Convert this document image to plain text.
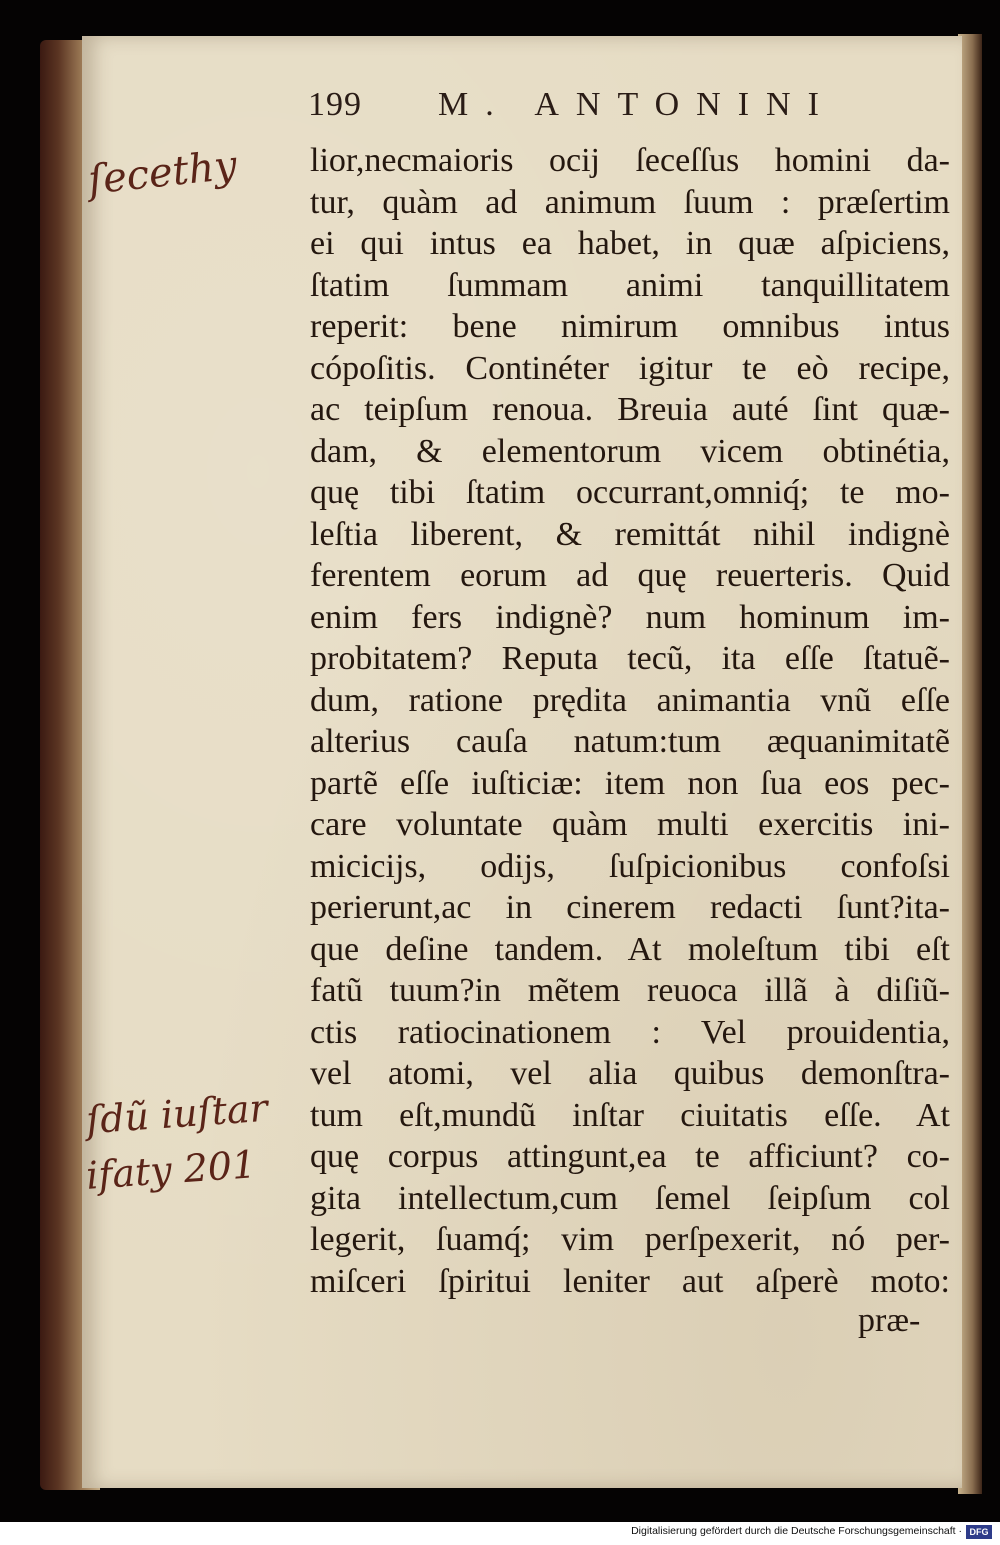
ſecethy
ſdũ iuſtar
ifaty 201
199 M. ANTONINI
lior,necmaioris ocij ſeceſſus homini da-
tur, quàm ad animum ſuum : præſertim
ei qui intus ea habet, in quæ aſpiciens,
ſtatim ſummam animi tanquillitatem
reperit: bene nimirum omnibus intus
cópoſitis. Continéter igitur te eò recipe,
ac teipſum renoua. Breuia auté ſint quæ-
dam, & elementorum vicem obtinétia,
quę tibi ſtatim occurrant,omniq́; te mo-
leſtia liberent, & remittát nihil indignè
ferentem eorum ad quę reuerteris. Quid
enim fers indignè? num hominum im-
probitatem? Reputa tecũ, ita eſſe ſtatuẽ-
dum, ratione prędita animantia vnũ eſſe
alterius cauſa natum:tum æquanimitatẽ
partẽ eſſe iuſticiæ: item non ſua eos pec-
care voluntate quàm multi exercitis ini-
micicijs, odijs, ſuſpicionibus confoſsi
perierunt,ac in cinerem redacti ſunt?ita-
que deſine tandem. At moleſtum tibi eſt
fatũ tuum?in mẽtem reuoca illã à diſiũ-
ctis ratiocinationem : Vel prouidentia,
vel atomi, vel alia quibus demonſtra-
tum eſt,mundũ inſtar ciuitatis eſſe. At
quę corpus attingunt,ea te afficiunt? co-
gita intellectum,cum ſemel ſeipſum col
legerit, ſuamq́; vim perſpexerit, nó per-
miſceri ſpiritui leniter aut aſperè moto:
præ-
Digitalisierung gefördert durch die Deutsche Forschungsgemeinschaft · DFG
